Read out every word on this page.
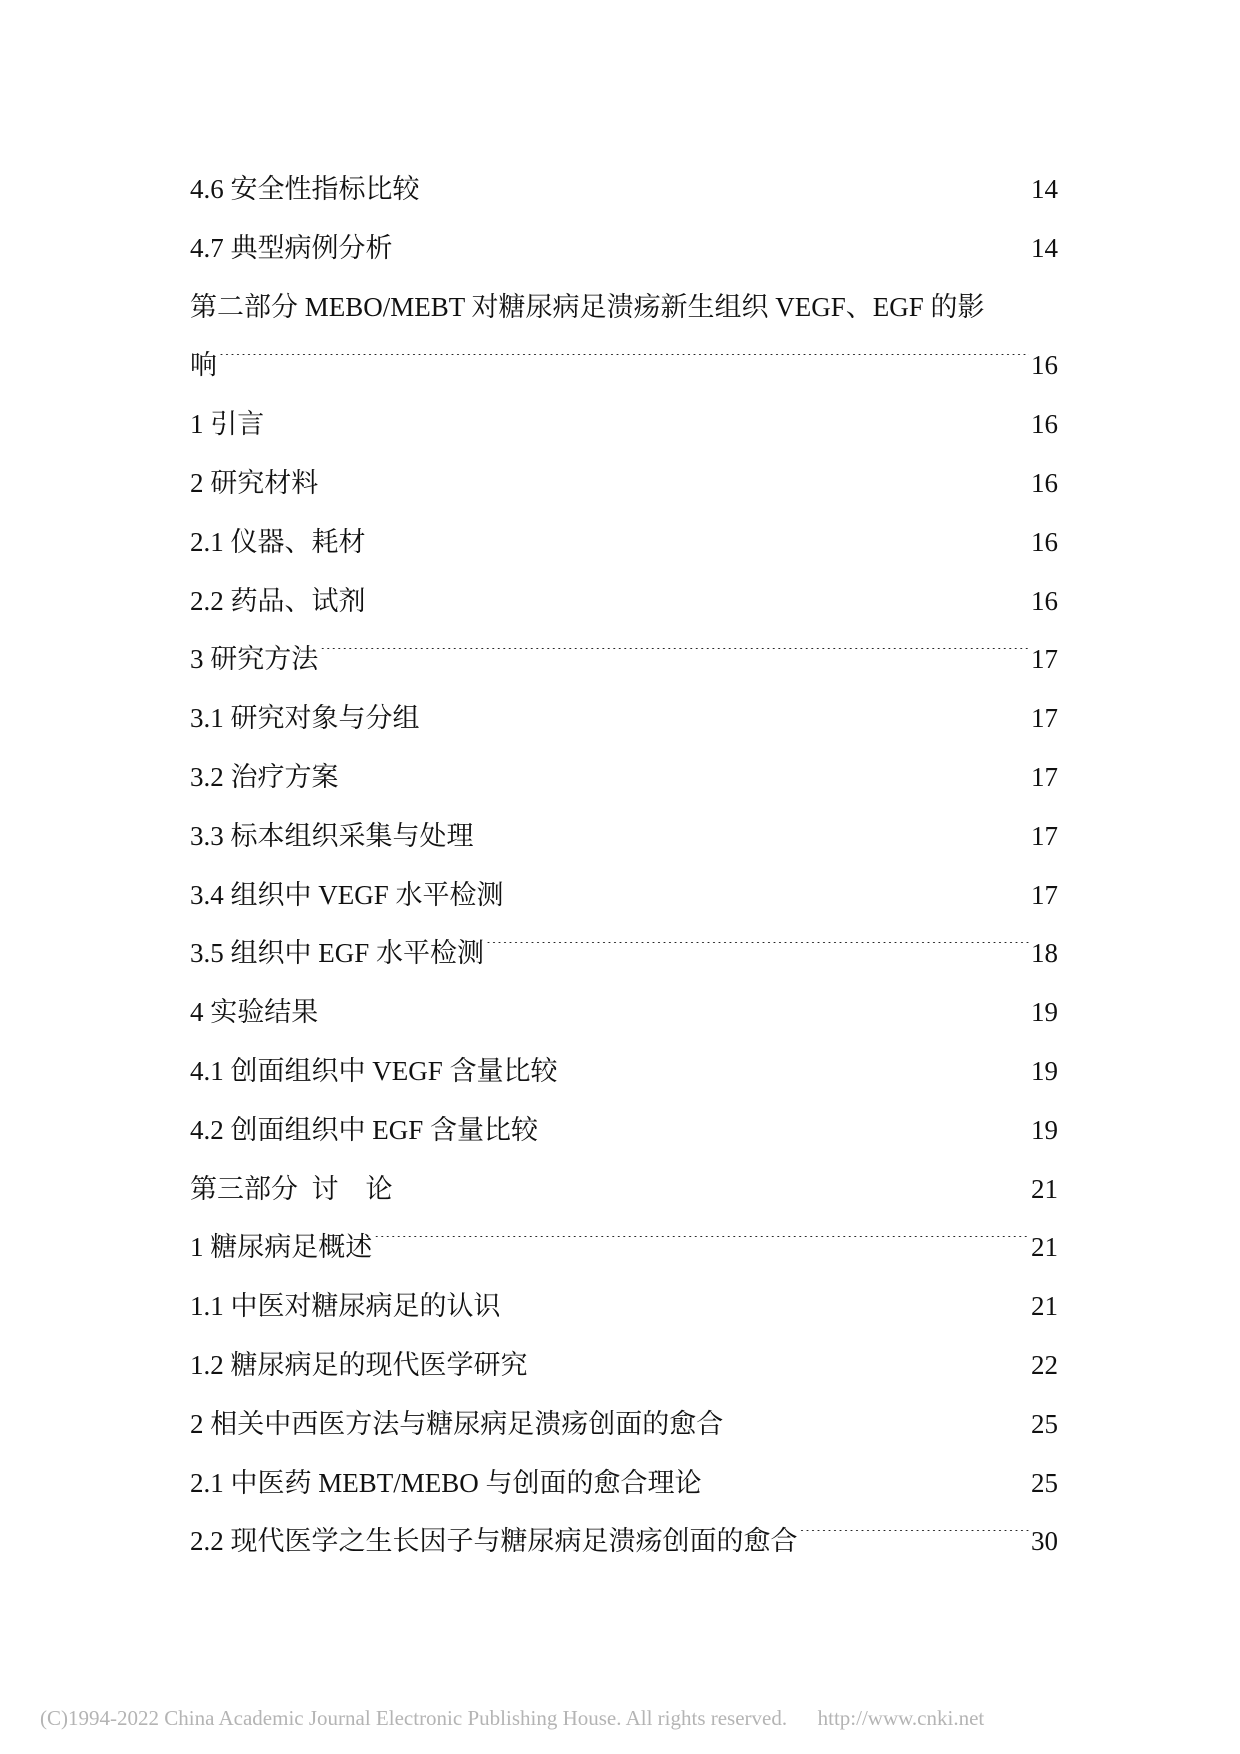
4.6 安全性指标比较 .....	14
4.7 典型病例分析 .....	14
第二部分 MEBO/MEBT 对糖尿病足溃疡新生组织 VEGF、EGF 的影
响 .....	16
1 引言 .....	16
2 研究材料 .....	16
2.1 仪器、耗材 .....	16
2.2 药品、试剂 .....	16
3 研究方法 .....	17
3.1 研究对象与分组 .....	17
3.2 治疗方案 .....	17
3.3 标本组织采集与处理 .....	17
3.4 组织中 VEGF 水平检测 .....	17
3.5 组织中 EGF 水平检测 .....	18
4 实验结果 .....	19
4.1 创面组织中 VEGF 含量比较 .....	19
4.2 创面组织中 EGF 含量比较 .....	19
第三部分  讨    论 .....	21
1 糖尿病足概述 .....	21
1.1 中医对糖尿病足的认识 .....	21
1.2 糖尿病足的现代医学研究 .....	22
2 相关中西医方法与糖尿病足溃疡创面的愈合 .....	25
2.1 中医药 MEBT/MEBO 与创面的愈合理论 .....	25
2.2 现代医学之生长因子与糖尿病足溃疡创面的愈合 .....	30
(C)1994-2022 China Academic Journal Electronic Publishing House. All rights reserved. http://www.cnki.net
